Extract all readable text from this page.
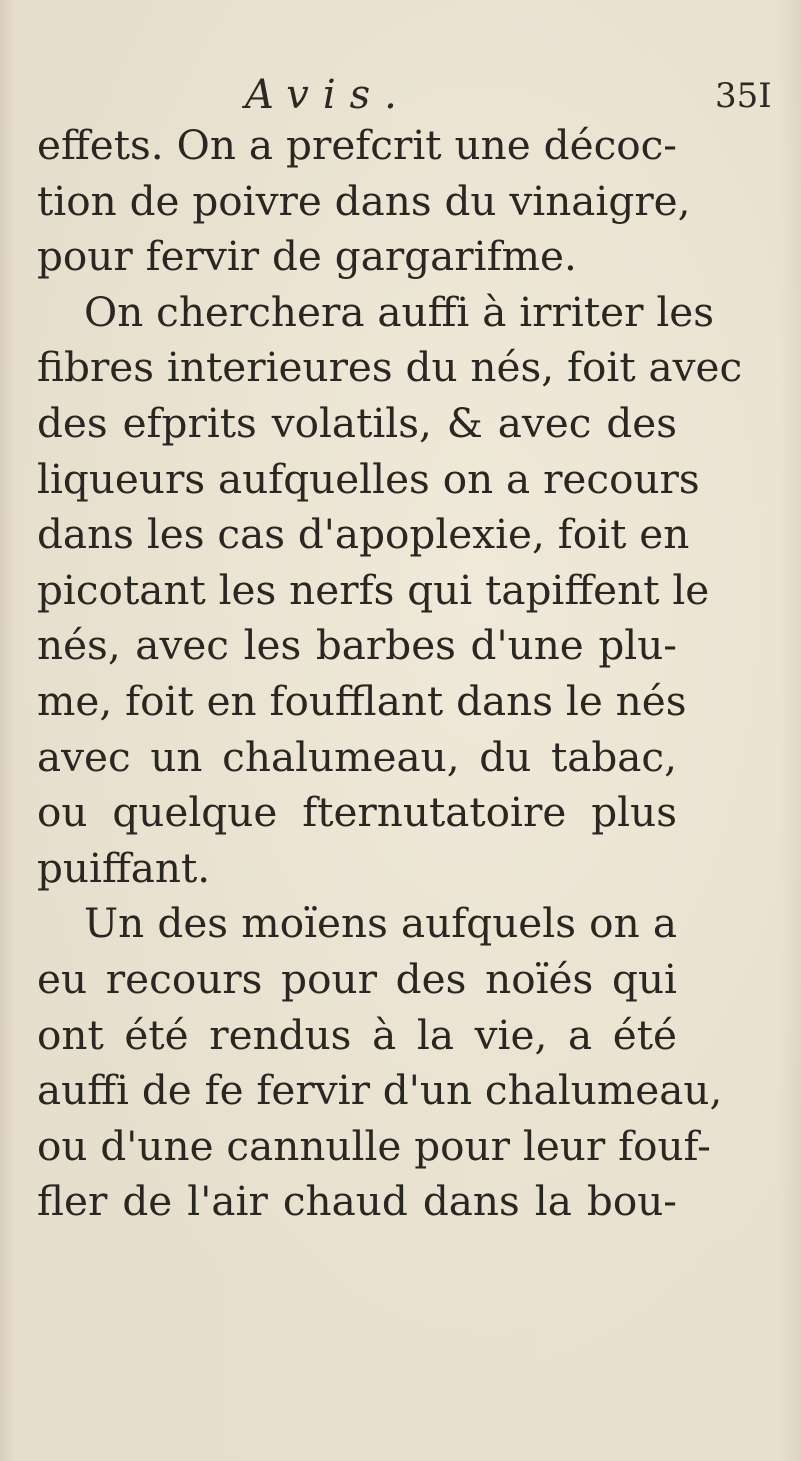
Avis.	35I
effets. On a prefcrit une décoc-
tion de poivre dans du vinaigre,
pour fervir de gargarifme.
On cherchera auffi à irriter les
fibres interieures du nés, foit avec
des efprits volatils, & avec des
liqueurs aufquelles on a recours
dans les cas d'apoplexie, foit en
picotant les nerfs qui tapiffent le
nés, avec les barbes d'une plu-
me, foit en foufflant dans le nés
avec un chalumeau, du tabac,
ou quelque fternutatoire plus
puiffant.
Un des moïens aufquels on a
eu recours pour des noïés qui
ont été rendus à la vie, a été
auffi de fe fervir d'un chalumeau,
ou d'une cannulle pour leur fouf-
fler de l'air chaud dans la bou-
